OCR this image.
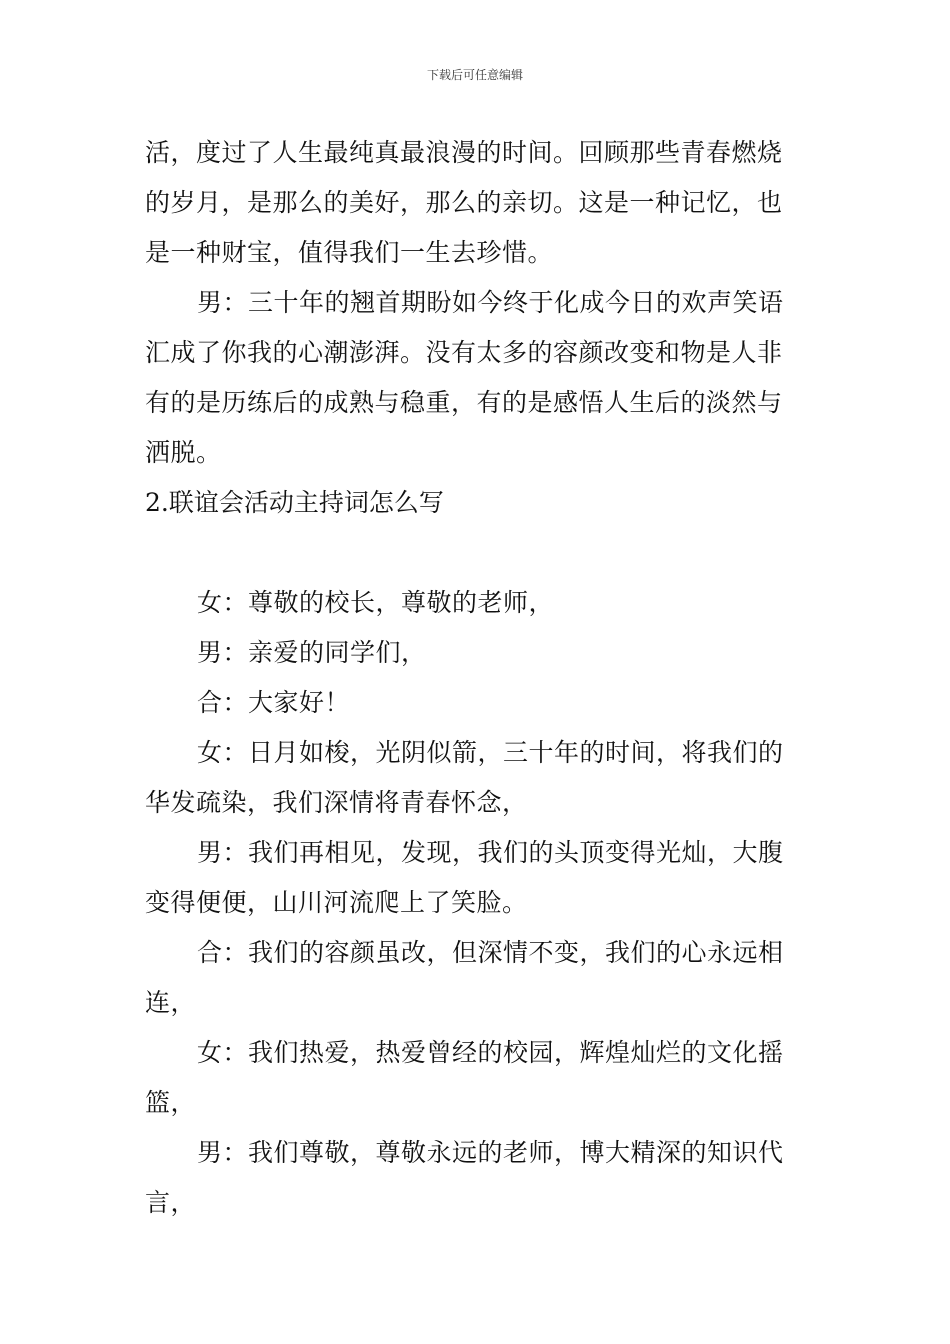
下载后可任意编辑
活，度过了人生最纯真最浪漫的时间。回顾那些青春燃烧
的岁月，是那么的美好，那么的亲切。这是一种记忆，也
是一种财宝，值得我们一生去珍惜。
男：三十年的翘首期盼如今终于化成今日的欢声笑语
汇成了你我的心潮澎湃。没有太多的容颜改变和物是人非
有的是历练后的成熟与稳重，有的是感悟人生后的淡然与
洒脱。
2.联谊会活动主持词怎么写
女：尊敬的校长，尊敬的老师，
男：亲爱的同学们，
合：大家好！
女：日月如梭，光阴似箭，三十年的时间，将我们的
华发疏染，我们深情将青春怀念，
男：我们再相见，发现，我们的头顶变得光灿，大腹
变得便便，山川河流爬上了笑脸。
合：我们的容颜虽改，但深情不变，我们的心永远相
连，
女：我们热爱，热爱曾经的校园，辉煌灿烂的文化摇
篮，
男：我们尊敬，尊敬永远的老师，博大精深的知识代
言，
